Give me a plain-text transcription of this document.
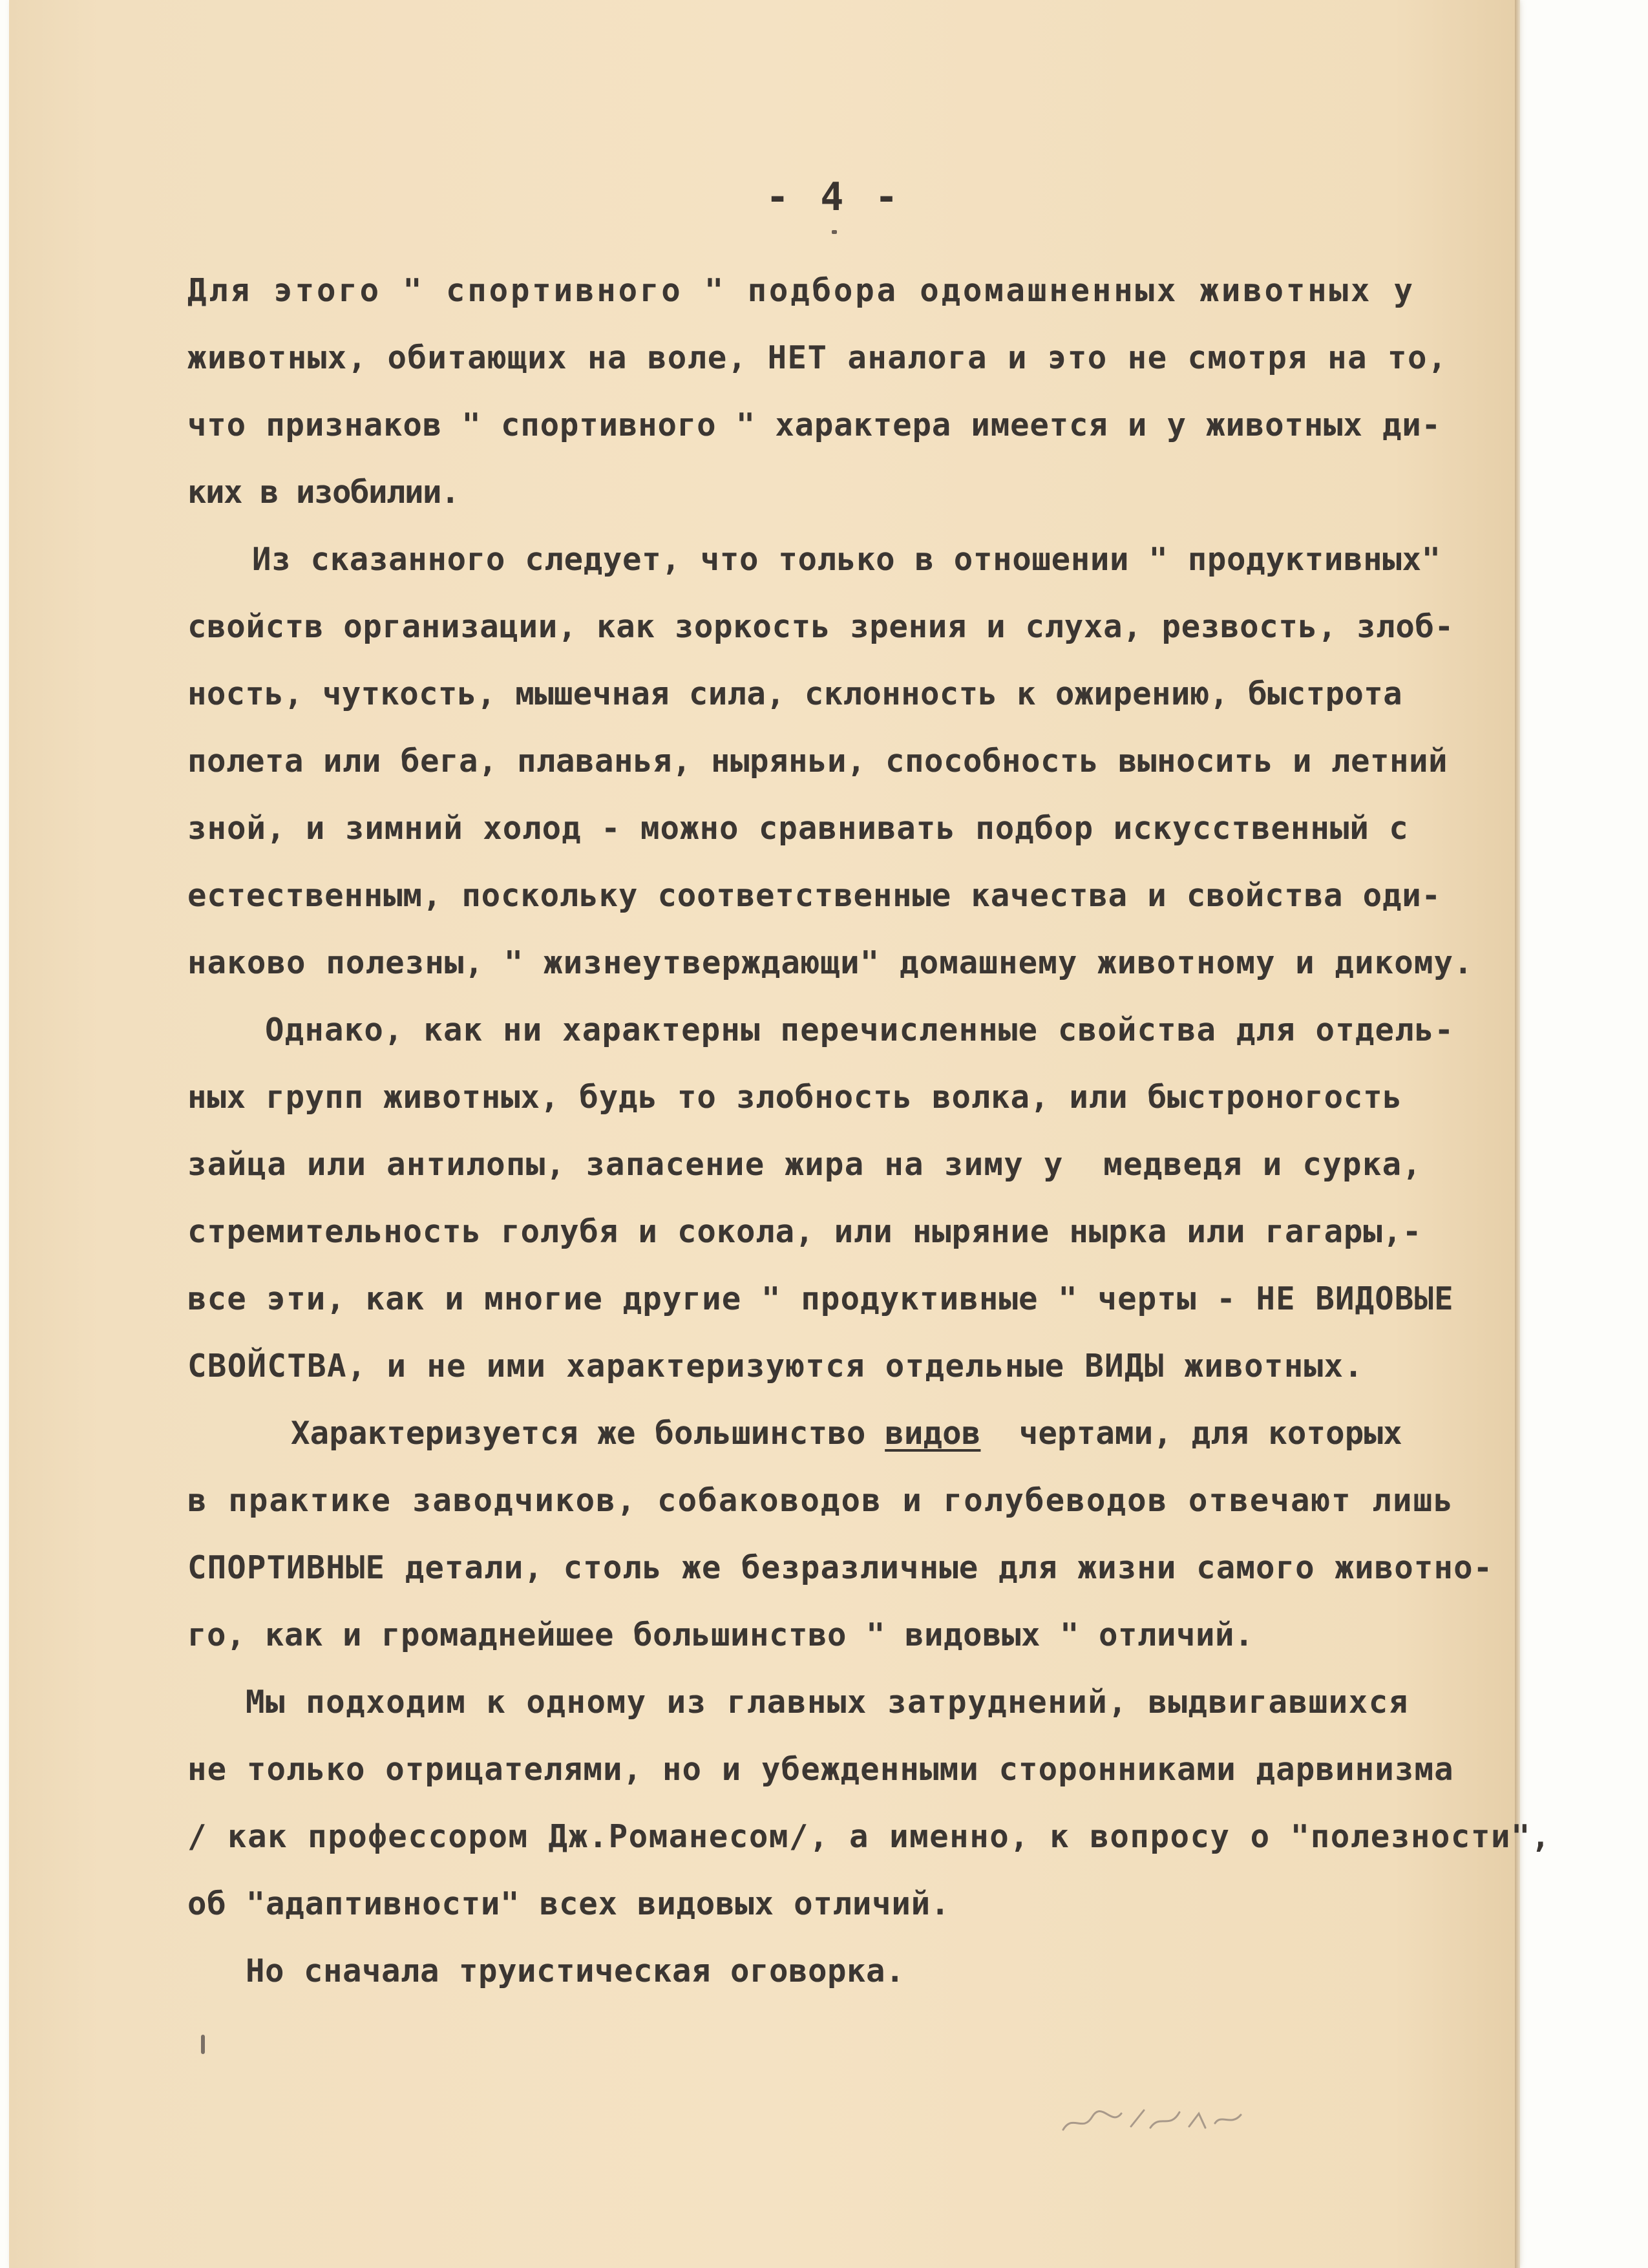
- 4 -
Для этого " спортивного " подбора одомашненных животных у
животных, обитающих на воле, НЕТ аналога и это не смотря на то,
что признаков " спортивного " характера имеется и у животных ди-
ких в изобилии.
Из сказанного следует, что только в отношении " продуктивных"
свойств организации, как зоркость зрения и слуха, резвость, злоб-
ность, чуткость, мышечная сила, склонность к ожирению, быстрота
полета или бега, плаванья, ныряньи, способность выносить и летний
зной, и зимний холод - можно сравнивать подбор искусственный с
естественным, поскольку соответственные качества и свойства оди-
наково полезны, " жизнеутверждающи" домашнему животному и дикому.
Однако, как ни характерны перечисленные свойства для отдель-
ных групп животных, будь то злобность волка, или быстроногость
зайца или антилопы, запасение жира на зиму у  медведя и сурка,
стремительность голубя и сокола, или ныряние нырка или гагары,-
все эти, как и многие другие " продуктивные " черты - НЕ ВИДОВЫЕ
СВОЙСТВА, и не ими характеризуются отдельные ВИДЫ животных.
Характеризуется же большинство видов  чертами, для которых
в практике заводчиков, собаководов и голубеводов отвечают лишь
СПОРТИВНЫЕ детали, столь же безразличные для жизни самого животно-
го, как и громаднейшее большинство " видовых " отличий.
Мы подходим к одному из главных затруднений, выдвигавшихся
не только отрицателями, но и убежденными сторонниками дарвинизма
/ как профессором Дж.Романесом/, а именно, к вопросу о "полезности",
об "адаптивности" всех видовых отличий.
Но сначала труистическая оговорка.
